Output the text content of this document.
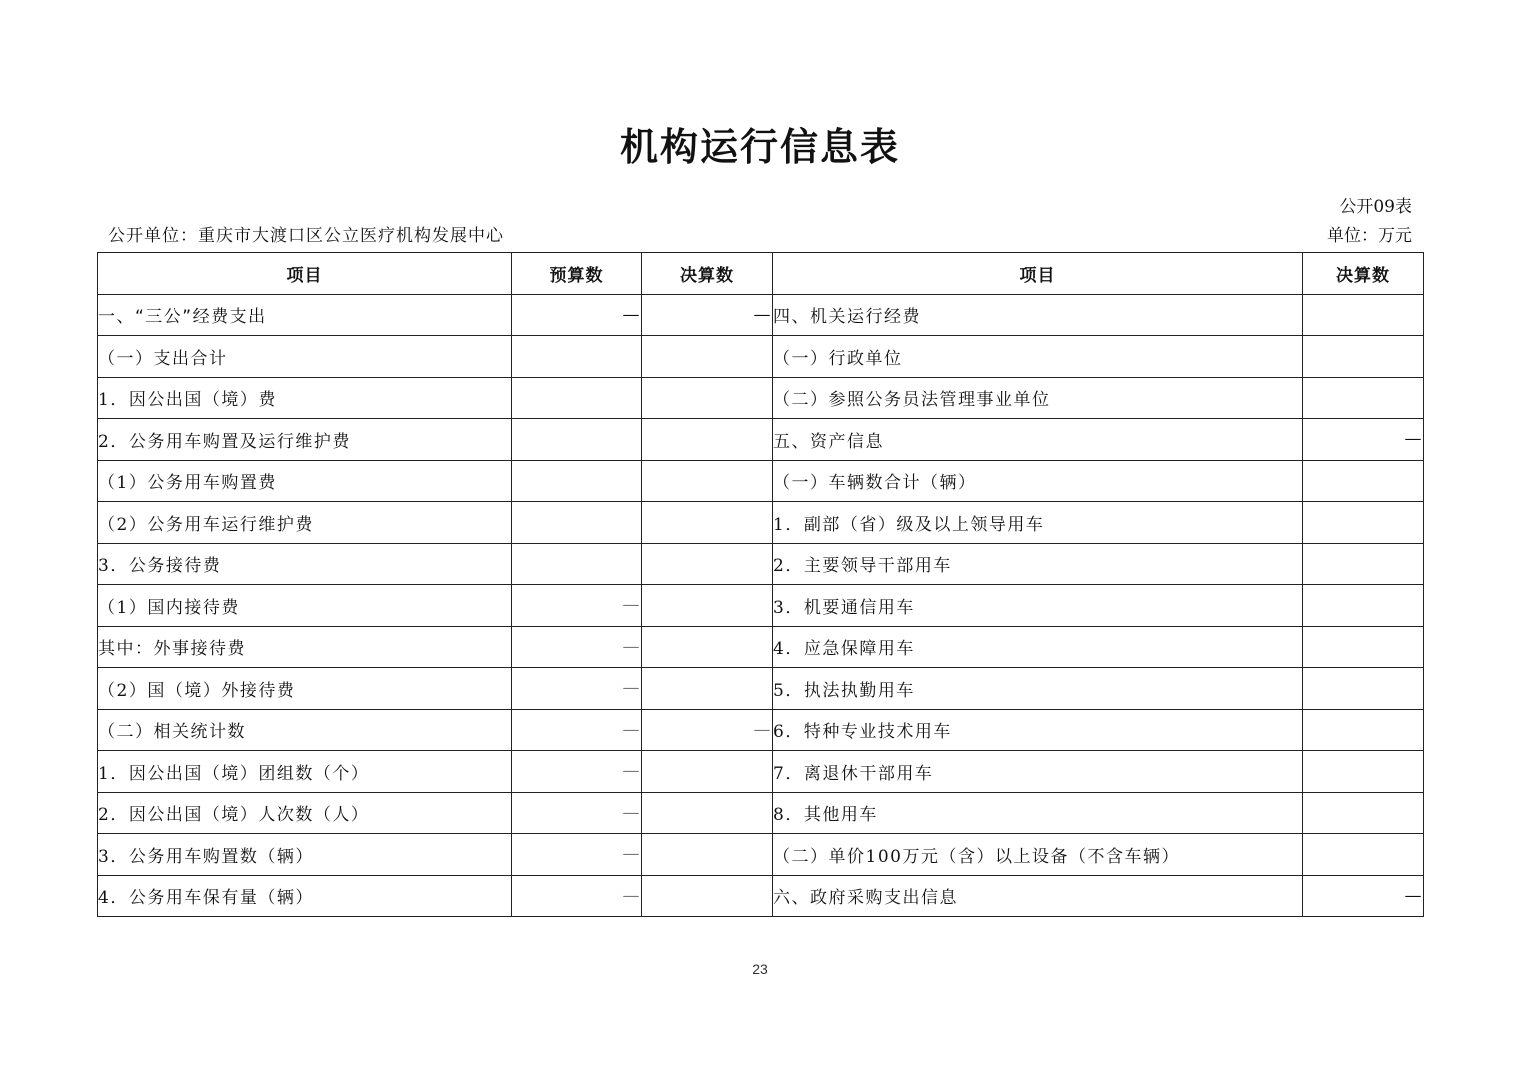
机构运行信息表
公开09表
公开单位：重庆市大渡口区公立医疗机构发展中心	单位：万元
项目	预算数	决算数	项目	决算数
一、“三公”经费支出	—	—	四、机关运行经费	
（一）支出合计			（一）行政单位	
1．因公出国（境）费			（二）参照公务员法管理事业单位	
2．公务用车购置及运行维护费			五、资产信息	—
（1）公务用车购置费			（一）车辆数合计（辆）	
（2）公务用车运行维护费			1．副部（省）级及以上领导用车	
3．公务接待费			2．主要领导干部用车	
（1）国内接待费	—		3．机要通信用车	
其中：外事接待费	—		4．应急保障用车	
（2）国（境）外接待费	—		5．执法执勤用车	
（二）相关统计数	—	—	6．特种专业技术用车	
1．因公出国（境）团组数（个）	—		7．离退休干部用车	
2．因公出国（境）人次数（人）	—		8．其他用车	
3．公务用车购置数（辆）	—		（二）单价100万元（含）以上设备（不含车辆）	
4．公务用车保有量（辆）	—		六、政府采购支出信息	—
23
